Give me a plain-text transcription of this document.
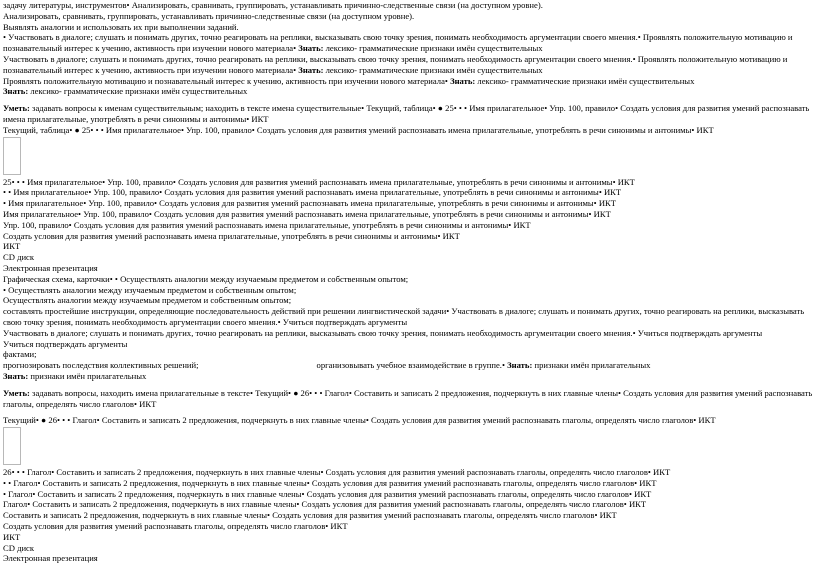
задачу литературы, инструментов• Анализировать, сравнивать, группировать, устанавливать причинно-следственные связи (на доступном уровне).

Анализировать, сравнивать, группировать, устанавливать причинно-следственные связи (на доступном уровне).

Выявлять аналогии и использовать их при выполнении заданий.

• Участвовать в диалоге; слушать и понимать других, точно реагировать на реплики, высказывать свою точку зрения, понимать необходимость аргументации своего мнения.• Проявлять положительную мотивацию и познавательный интерес к учению, активность при изучении нового материала• Знать: лексико- грамматические признаки имён существительных

Участвовать в диалоге; слушать и понимать других, точно реагировать на реплики, высказывать свою точку зрения, понимать необходимость аргументации своего мнения.• Проявлять положительную мотивацию и познавательный интерес к учению, активность при изучении нового материала• Знать: лексико- грамматические признаки имён существительных

Проявлять положительную мотивацию и познавательный интерес к учению, активность при изучении нового материала• Знать: лексико- грамматические признаки имён существительных

Знать: лексико- грамматические признаки имён существительных

Уметь: задавать вопросы к именам существительным; находить в тексте имена существительные• Текущий, таблица• ● 25• • • Имя прилагательное• Упр. 100, правило• Создать условия для развития умений распознавать имена прилагательные, употреблять в речи синонимы и антонимы• ИКТ

Текущий, таблица• ● 25• • • Имя прилагательное• Упр. 100, правило• Создать условия для развития умений распознавать имена прилагательные, употреблять в речи синонимы и антонимы• ИКТ

25• • • Имя прилагательное• Упр. 100, правило• Создать условия для развития умений распознавать имена прилагательные, употреблять в речи синонимы и антонимы• ИКТ

• • Имя прилагательное• Упр. 100, правило• Создать условия для развития умений распознавать имена прилагательные, употреблять в речи синонимы и антонимы• ИКТ

• Имя прилагательное• Упр. 100, правило• Создать условия для развития умений распознавать имена прилагательные, употреблять в речи синонимы и антонимы• ИКТ

Имя прилагательное• Упр. 100, правило• Создать условия для развития умений распознавать имена прилагательные, употреблять в речи синонимы и антонимы• ИКТ

Упр. 100, правило• Создать условия для развития умений распознавать имена прилагательные, употреблять в речи синонимы и антонимы• ИКТ

Создать условия для развития умений распознавать имена прилагательные, употреблять в речи синонимы и антонимы• ИКТ

ИКТ

CD диск

Электронная презентация

Графическая схема, карточки• • Осуществлять аналогии между изучаемым предметом и собственным опытом;

• Осуществлять аналогии между изучаемым предметом и собственным опытом;

Осуществлять аналогии между изучаемым предметом и собственным опытом;

составлять простейшие инструкции, определяющие последовательность действий при решении лингвистической задачи• Участвовать в диалоге; слушать и понимать других, точно реагировать на реплики, высказывать свою точку зрения, понимать необходимость аргументации своего мнения.• Учиться подтверждать аргументы

Участвовать в диалоге; слушать и понимать других, точно реагировать на реплики, высказывать свою точку зрения, понимать необходимость аргументации своего мнения.• Учиться подтверждать аргументы

Учиться подтверждать аргументы

фактами;

прогнозировать последствия коллективных решений;	организовывать учебное взаимодействие в группе.• Знать: признаки имён прилагательных

Знать: признаки имён прилагательных

Уметь: задавать вопросы, находить имена прилагательные в тексте• Текущий• ● 26• • • Глагол• Составить и записать 2 предложения, подчеркнуть в них главные члены• Создать условия для развития умений распознавать глаголы, определять число глаголов• ИКТ

Текущий• ● 26• • • Глагол• Составить и записать 2 предложения, подчеркнуть в них главные члены• Создать условия для развития умений распознавать глаголы, определять число глаголов• ИКТ

26• • • Глагол• Составить и записать 2 предложения, подчеркнуть в них главные члены• Создать условия для развития умений распознавать глаголы, определять число глаголов• ИКТ

• • Глагол• Составить и записать 2 предложения, подчеркнуть в них главные члены• Создать условия для развития умений распознавать глаголы, определять число глаголов• ИКТ

• Глагол• Составить и записать 2 предложения, подчеркнуть в них главные члены• Создать условия для развития умений распознавать глаголы, определять число глаголов• ИКТ

Глагол• Составить и записать 2 предложения, подчеркнуть в них главные члены• Создать условия для развития умений распознавать глаголы, определять число глаголов• ИКТ

Составить и записать 2 предложения, подчеркнуть в них главные члены• Создать условия для развития умений распознавать глаголы, определять число глаголов• ИКТ

Создать условия для развития умений распознавать глаголы, определять число глаголов• ИКТ

ИКТ

CD диск

Электронная презентация
